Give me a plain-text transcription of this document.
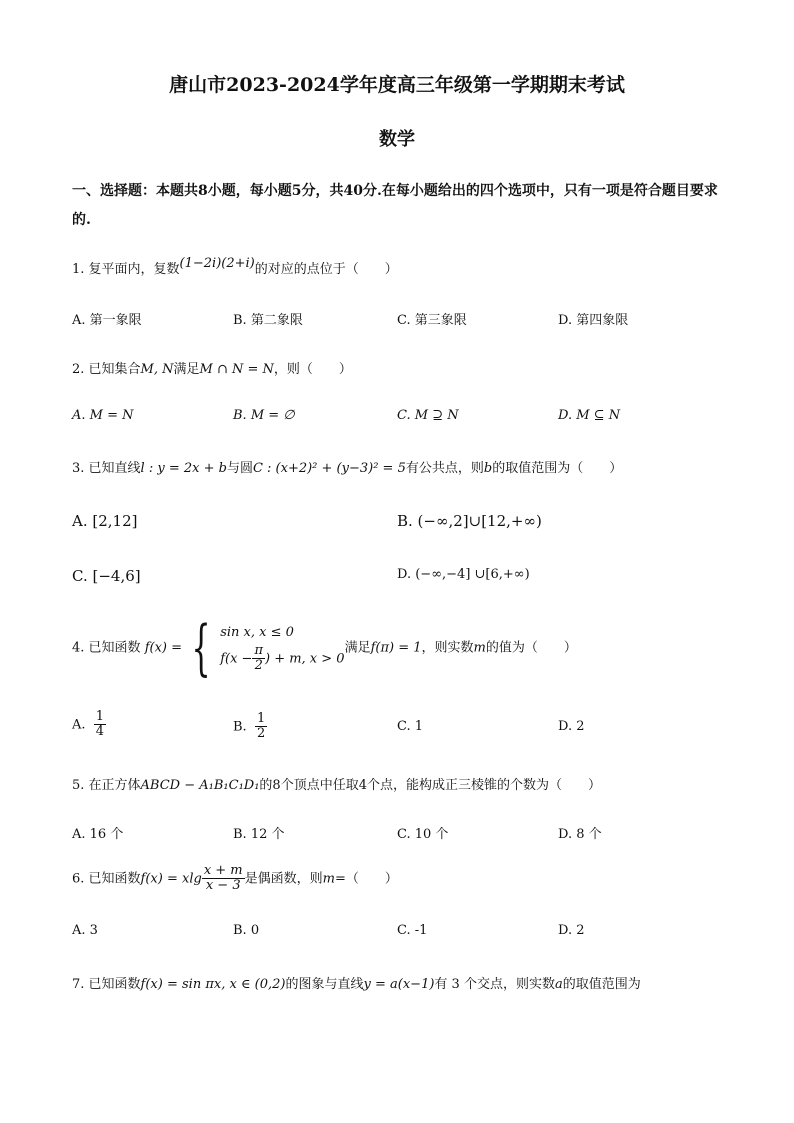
唐山市2023-2024学年度高三年级第一学期期末考试
数学
一、选择题：本题共8小题，每小题5分，共40分.在每小题给出的四个选项中，只有一项是符合题目要求的.
1. 复平面内，复数(1−2i)(2+i)的对应的点位于（　　）
A. 第一象限	B. 第二象限	C. 第三象限	D. 第四象限
2. 已知集合M, N满足M ∩ N = N，则（　　）
A. M = N	B. M = ∅	C. M ⊇ N	D. M ⊆ N
3. 已知直线l : y = 2x + b与圆C : (x+2)² + (y−3)² = 5有公共点，则b的取值范围为（　　）
A. [2,12]	B. (−∞,2]∪[12,+∞)
C. [−4,6]	D. (−∞,−4] ∪[6,+∞)
4. 已知函数 f(x) = { sin x, x ≤ 0
$f(x - \frac{\pi}{2}$ ) + m, x > 0
满足f(π) = 1，则实数m的值为（　　）
A. $\frac{1}{4}$	B. $\frac{1}{2}$	C. 1	D. 2
5. 在正方体ABCD − A₁B₁C₁D₁的8个顶点中任取4个点，能构成正三棱锥的个数为（　　）
A. 16 个	B. 12 个	C. 10 个	D. 8 个
6. 已知函数f(x) = xlg $\frac{x + m}{x - 3}$ 是偶函数，则m=（　　）
A. 3	B. 0	C. -1	D. 2
7. 已知函数f(x) = sin πx, x ∈ (0,2)的图象与直线y = a(x−1)有 3 个交点，则实数a的取值范围为
